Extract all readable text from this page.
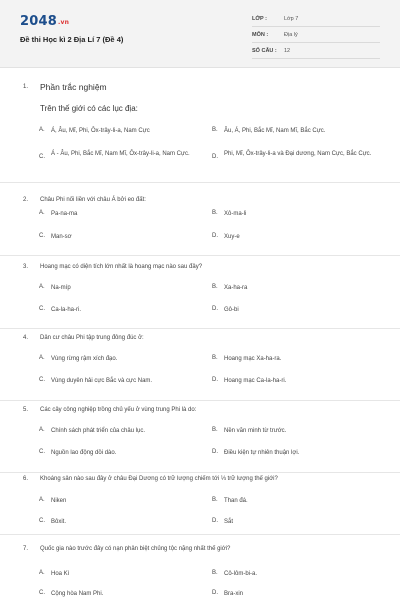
2048.vn
Đề thi Học kì 2 Địa Lí 7 (Đề 4)
LỚP :	Lớp 7
MÔN :	Địa lý
SỐ CÂU : 12
1. Phần trắc nghiệm
Trên thế giới có các lục địa:
A.	Á, Âu, Mĩ, Phi, Ôx-trây-li-a, Nam Cực	B.	Âu, Á, Phi, Bắc Mĩ, Nam Mĩ, Bắc Cực.
C.	Á - Âu, Phi, Bắc Mĩ, Nam Mĩ, Ôx-trây-li-a, Nam Cực.	D.	Phi, Mĩ, Ôx-trây-li-a và Đại dương, Nam Cực, Bắc Cực.
2. Châu Phi nối liền với châu Á bởi eo đất:
A.	Pa-na-ma	B.	Xô-ma-li
C.	Man-sơ	D.	Xuy-e
3. Hoang mạc có diện tích lớn nhất là hoang mạc nào sau đây?
A.	Na-míp	B.	Xa-ha-ra
C.	Ca-la-ha-ri.	D.	Gô-bi
4. Dân cư châu Phi tập trung đông đúc ở:
A.	Vùng rừng rậm xích đạo.	B.	Hoang mạc Xa-ha-ra.
C.	Vùng duyên hải cực Bắc và cực Nam.	D.	Hoang mạc Ca-la-ha-ri.
5. Các cây công nghiệp trồng chủ yếu ở vùng trung Phi là do:
A.	Chính sách phát triển của châu lục.	B.	Nền văn minh từ trước.
C.	Nguồn lao động dồi dào.	D.	Điều kiện tự nhiên thuận lợi.
6. Khoáng sản nào sau đây ở châu Đại Dương có trữ lượng chiếm tới ⅓ trữ lượng thế giới?
A.	Niken	B.	Than đá.
C.	Bôxit.	D.	Sắt
7. Quốc gia nào trước đây có nạn phân biệt chủng tộc nặng nhất thế giới?
A.	Hoa Kì	B.	Cô-lôm-bi-a.
C.	Cộng hòa Nam Phi.	D.	Bra-xin
